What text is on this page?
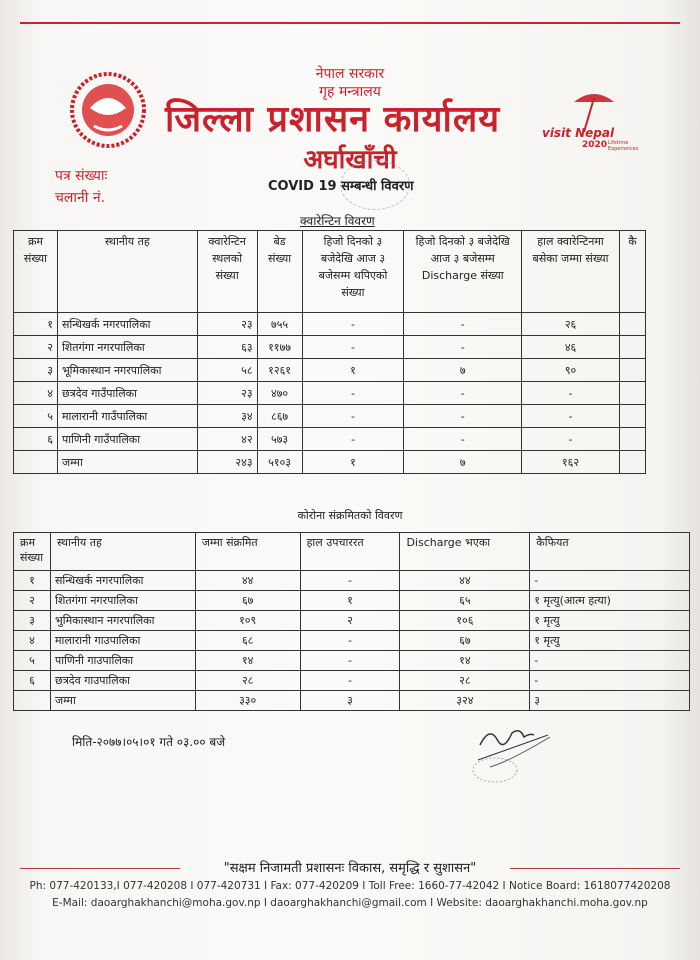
नेपाल सरकार
गृह मन्त्रालय
जिल्ला प्रशासन कार्यालय
अर्घाखाँची
visit Nepal
2020 Lifetime Experiences
पत्र संख्याः
चलानी नं.
COVID 19 सम्बन्धी विवरण
क्वारेन्टिन विवरण
क्रम संख्या	स्थानीय तह	क्वारेन्टिन स्थलको संख्या	बेड संख्या	हिजो दिनको ३ बजेदेखि आज ३ बजेसम्म थपिएको संख्या	हिजो दिनको ३ बजेदेखि आज ३ बजेसम्म Discharge संख्या	हाल क्वारेन्टिनमा बसेका जम्मा संख्या	कै
१	सन्धिखर्क नगरपालिका	२३	७५५	-	-	२६	
२	शितगंगा नगरपालिका	६३	११७७	-	-	४६	
३	भूमिकास्थान नगरपालिका	५८	१२६१	१	७	९०	
४	छत्रदेव गाउँपालिका	२३	४७०	-	-	-	
५	मालारानी गाउँपालिका	३४	८६७	-	-	-	
६	पाणिनी गाउँपालिका	४२	५७३	-	-	-	
	जम्मा	२४३	५१०३	१	७	१६२	
कोरोना संक्रमितको विवरण
क्रम संख्या	स्थानीय तह	जम्मा संक्रमित	हाल उपचाररत	Discharge भएका	कैफियत
१	सन्धिखर्क नगरपालिका	४४	-	४४	-
२	शितगंगा नगरपालिका	६७	१	६५	१ मृत्यु(आत्म हत्या)
३	भुमिकास्थान नगरपालिका	१०९	२	१०६	१ मृत्यु
४	मालारानी गाउपालिका	६८	-	६७	१ मृत्यु
५	पाणिनी गाउपालिका	१४	-	१४	-
६	छत्रदेव गाउपालिका	२८	-	२८	-
	जम्मा	३३०	३	३२४	३
मिति-२०७७।०५।०१ गते ०३.०० बजे
"सक्षम निजामती प्रशासनः विकास, समृद्धि र सुशासन"
Ph: 077-420133,I 077-420208 I 077-420731 I Fax: 077-420209 I Toll Free: 1660-77-42042 I Notice Board: 1618077420208
E-Mail: daoarghakhanchi@moha.gov.np I daoarghakhanchi@gmail.com I Website: daoarghakhanchi.moha.gov.np
